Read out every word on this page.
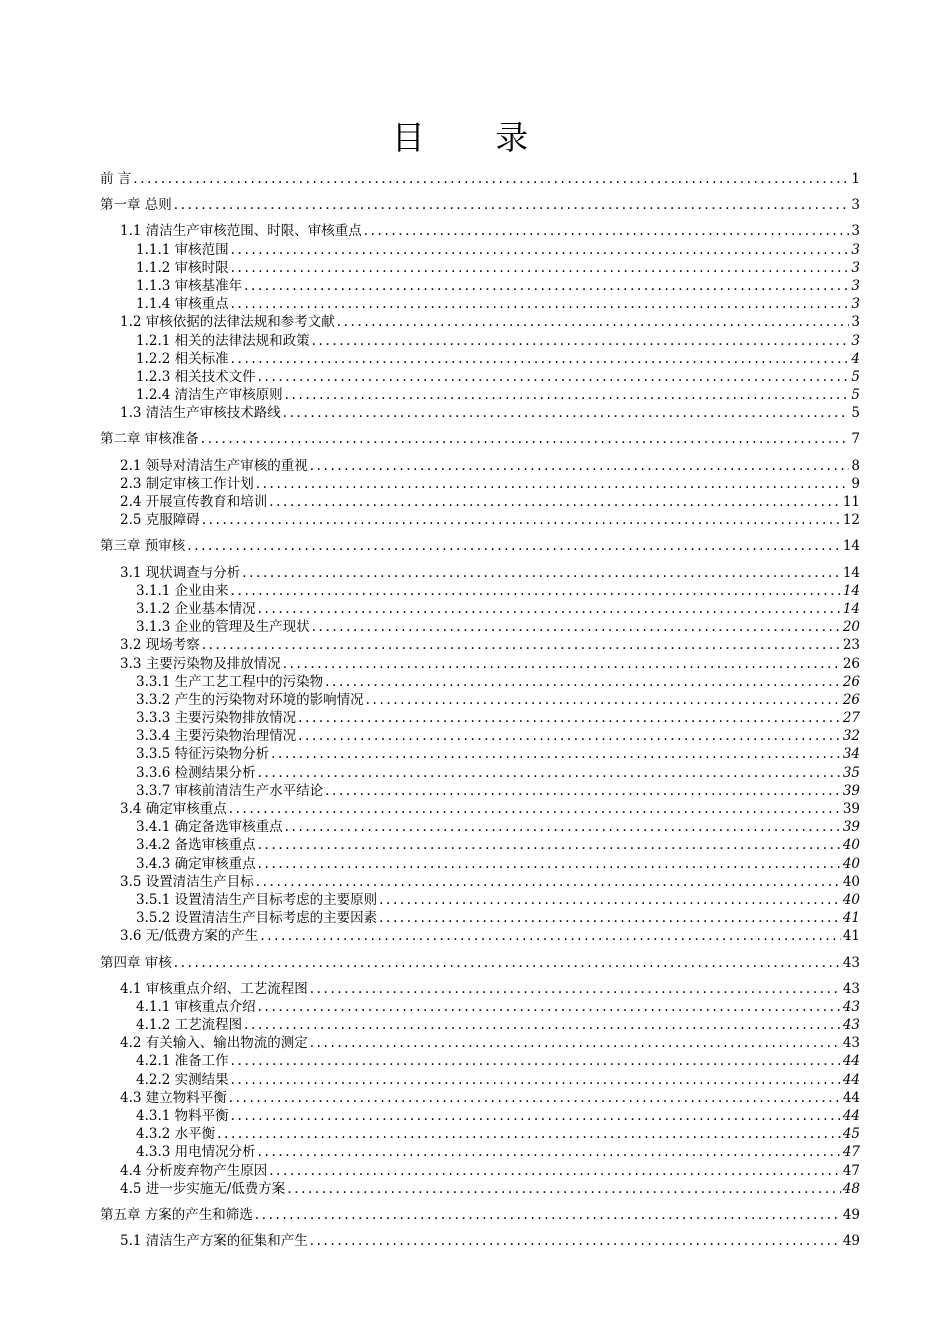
目 录
前 言 .....	1
第一章 总则 .....	3
1.1 清洁生产审核范围、时限、审核重点 .....	3
1.1.1 审核范围 .....	3
1.1.2 审核时限 .....	3
1.1.3 审核基准年 .....	3
1.1.4 审核重点 .....	3
1.2 审核依据的法律法规和参考文献 .....	3
1.2.1 相关的法律法规和政策 .....	3
1.2.2 相关标准 .....	4
1.2.3 相关技术文件 .....	5
1.2.4 清洁生产审核原则 .....	5
1.3 清洁生产审核技术路线 .....	5
第二章 审核准备 .....	7
2.1 领导对清洁生产审核的重视 .....	8
2.3 制定审核工作计划 .....	9
2.4 开展宣传教育和培训 .....	11
2.5 克服障碍 .....	12
第三章 预审核 .....	14
3.1 现状调查与分析 .....	14
3.1.1 企业由来 .....	14
3.1.2 企业基本情况 .....	14
3.1.3 企业的管理及生产现状 .....	20
3.2 现场考察 .....	23
3.3 主要污染物及排放情况 .....	26
3.3.1 生产工艺工程中的污染物 .....	26
3.3.2 产生的污染物对环境的影响情况 .....	26
3.3.3 主要污染物排放情况 .....	27
3.3.4 主要污染物治理情况 .....	32
3.3.5 特征污染物分析 .....	34
3.3.6 检测结果分析 .....	35
3.3.7 审核前清洁生产水平结论 .....	39
3.4 确定审核重点 .....	39
3.4.1 确定备选审核重点 .....	39
3.4.2 备选审核重点 .....	40
3.4.3 确定审核重点 .....	40
3.5 设置清洁生产目标 .....	40
3.5.1 设置清洁生产目标考虑的主要原则 .....	40
3.5.2 设置清洁生产目标考虑的主要因素 .....	41
3.6 无/低费方案的产生 .....	41
第四章 审核 .....	43
4.1 审核重点介绍、工艺流程图 .....	43
4.1.1 审核重点介绍 .....	43
4.1.2 工艺流程图 .....	43
4.2 有关输入、输出物流的测定 .....	43
4.2.1 准备工作 .....	44
4.2.2 实测结果 .....	44
4.3 建立物料平衡 .....	44
4.3.1 物料平衡 .....	44
4.3.2 水平衡 .....	45
4.3.3 用电情况分析 .....	47
4.4 分析废弃物产生原因 .....	47
4.5 进一步实施无/低费方案 .....	48
第五章 方案的产生和筛选 .....	49
5.1 清洁生产方案的征集和产生 .....	49
